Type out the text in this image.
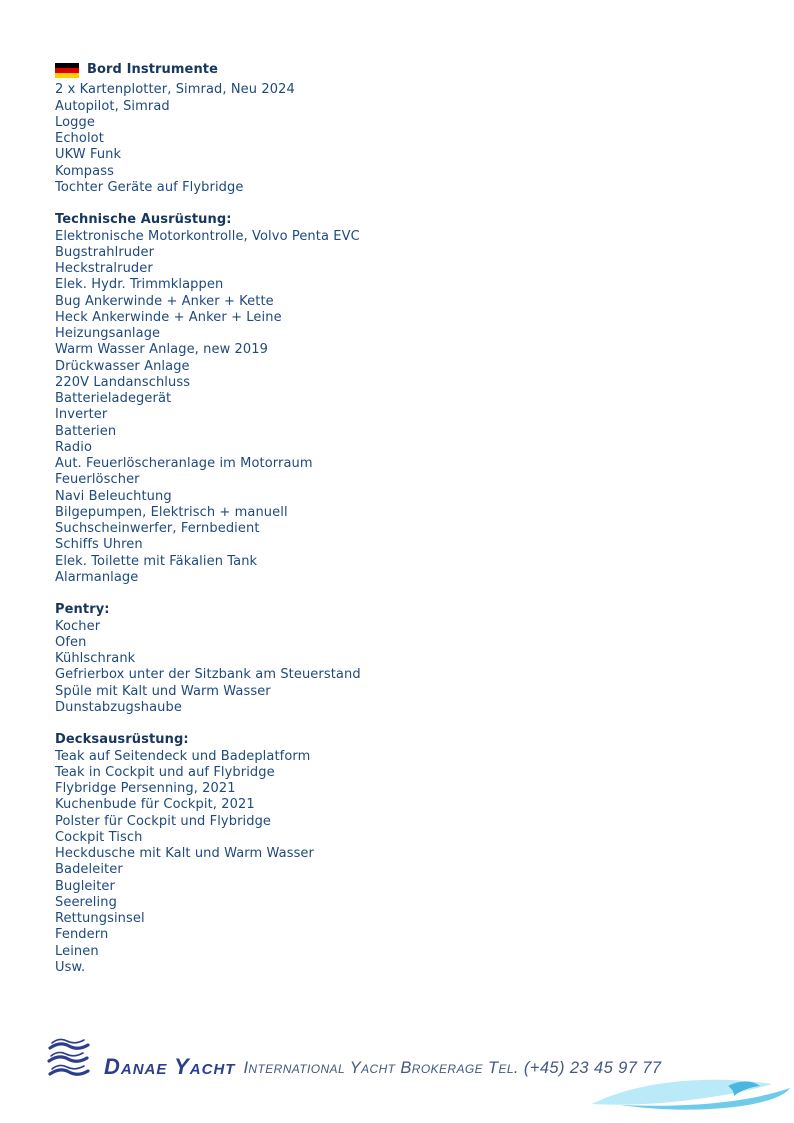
Bord Instrumente
2 x Kartenplotter, Simrad, Neu 2024
Autopilot, Simrad
Logge
Echolot
UKW Funk
Kompass
Tochter Geräte auf Flybridge
Technische Ausrüstung:
Elektronische Motorkontrolle, Volvo Penta EVC
Bugstrahlruder
Heckstralruder
Elek. Hydr. Trimmklappen
Bug Ankerwinde + Anker + Kette
Heck Ankerwinde + Anker + Leine
Heizungsanlage
Warm Wasser Anlage, new 2019
Drückwasser Anlage
220V Landanschluss
Batterieladegerät
Inverter
Batterien
Radio
Aut. Feuerlöscheranlage im Motorraum
Feuerlöscher
Navi Beleuchtung
Bilgepumpen, Elektrisch + manuell
Suchscheinwerfer, Fernbedient
Schiffs Uhren
Elek. Toilette mit Fäkalien Tank
Alarmanlage
Pentry:
Kocher
Ofen
Kühlschrank
Gefrierbox unter der Sitzbank am Steuerstand
Spüle mit Kalt und Warm Wasser
Dunstabzugshaube
Decksausrüstung:
Teak auf Seitendeck und Badeplatform
Teak in Cockpit und auf Flybridge
Flybridge Persenning, 2021
Kuchenbude für Cockpit, 2021
Polster für Cockpit und Flybridge
Cockpit Tisch
Heckdusche mit Kalt und Warm Wasser
Badeleiter
Bugleiter
Seereling
Rettungsinsel
Fendern
Leinen
Usw.
Danae Yacht International Yacht Brokerage Tel. (+45) 23 45 97 77
